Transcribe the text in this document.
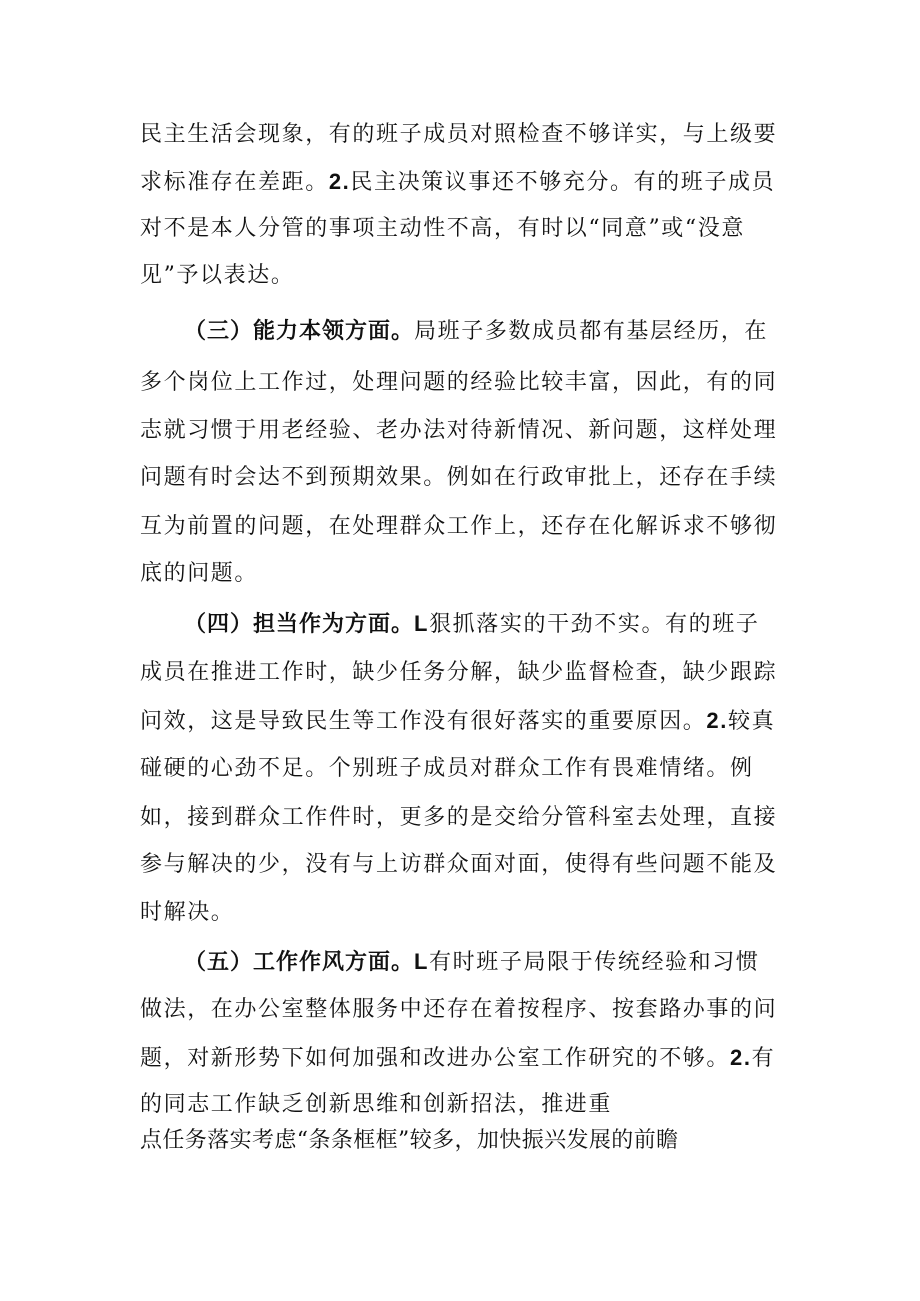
民主生活会现象，有的班子成员对照检查不够详实，与上级要
求标准存在差距。2.民主决策议事还不够充分。有的班子成员
对不是本人分管的事项主动性不高，有时以“同意”或“没意
见”予以表达。
（三）能力本领方面。局班子多数成员都有基层经历，在
多个岗位上工作过，处理问题的经验比较丰富，因此，有的同
志就习惯于用老经验、老办法对待新情况、新问题，这样处理
问题有时会达不到预期效果。例如在行政审批上，还存在手续
互为前置的问题，在处理群众工作上，还存在化解诉求不够彻
底的问题。
（四）担当作为方面。L狠抓落实的干劲不实。有的班子
成员在推进工作时，缺少任务分解，缺少监督检查，缺少跟踪
问效，这是导致民生等工作没有很好落实的重要原因。2.较真
碰硬的心劲不足。个别班子成员对群众工作有畏难情绪。例
如，接到群众工作件时，更多的是交给分管科室去处理，直接
参与解决的少，没有与上访群众面对面，使得有些问题不能及
时解决。
（五）工作作风方面。L有时班子局限于传统经验和习惯
做法，在办公室整体服务中还存在着按程序、按套路办事的问
题，对新形势下如何加强和改进办公室工作研究的不够。2.有
的同志工作缺乏创新思维和创新招法，推进重
点任务落实考虑“条条框框”较多，加快振兴发展的前瞻
